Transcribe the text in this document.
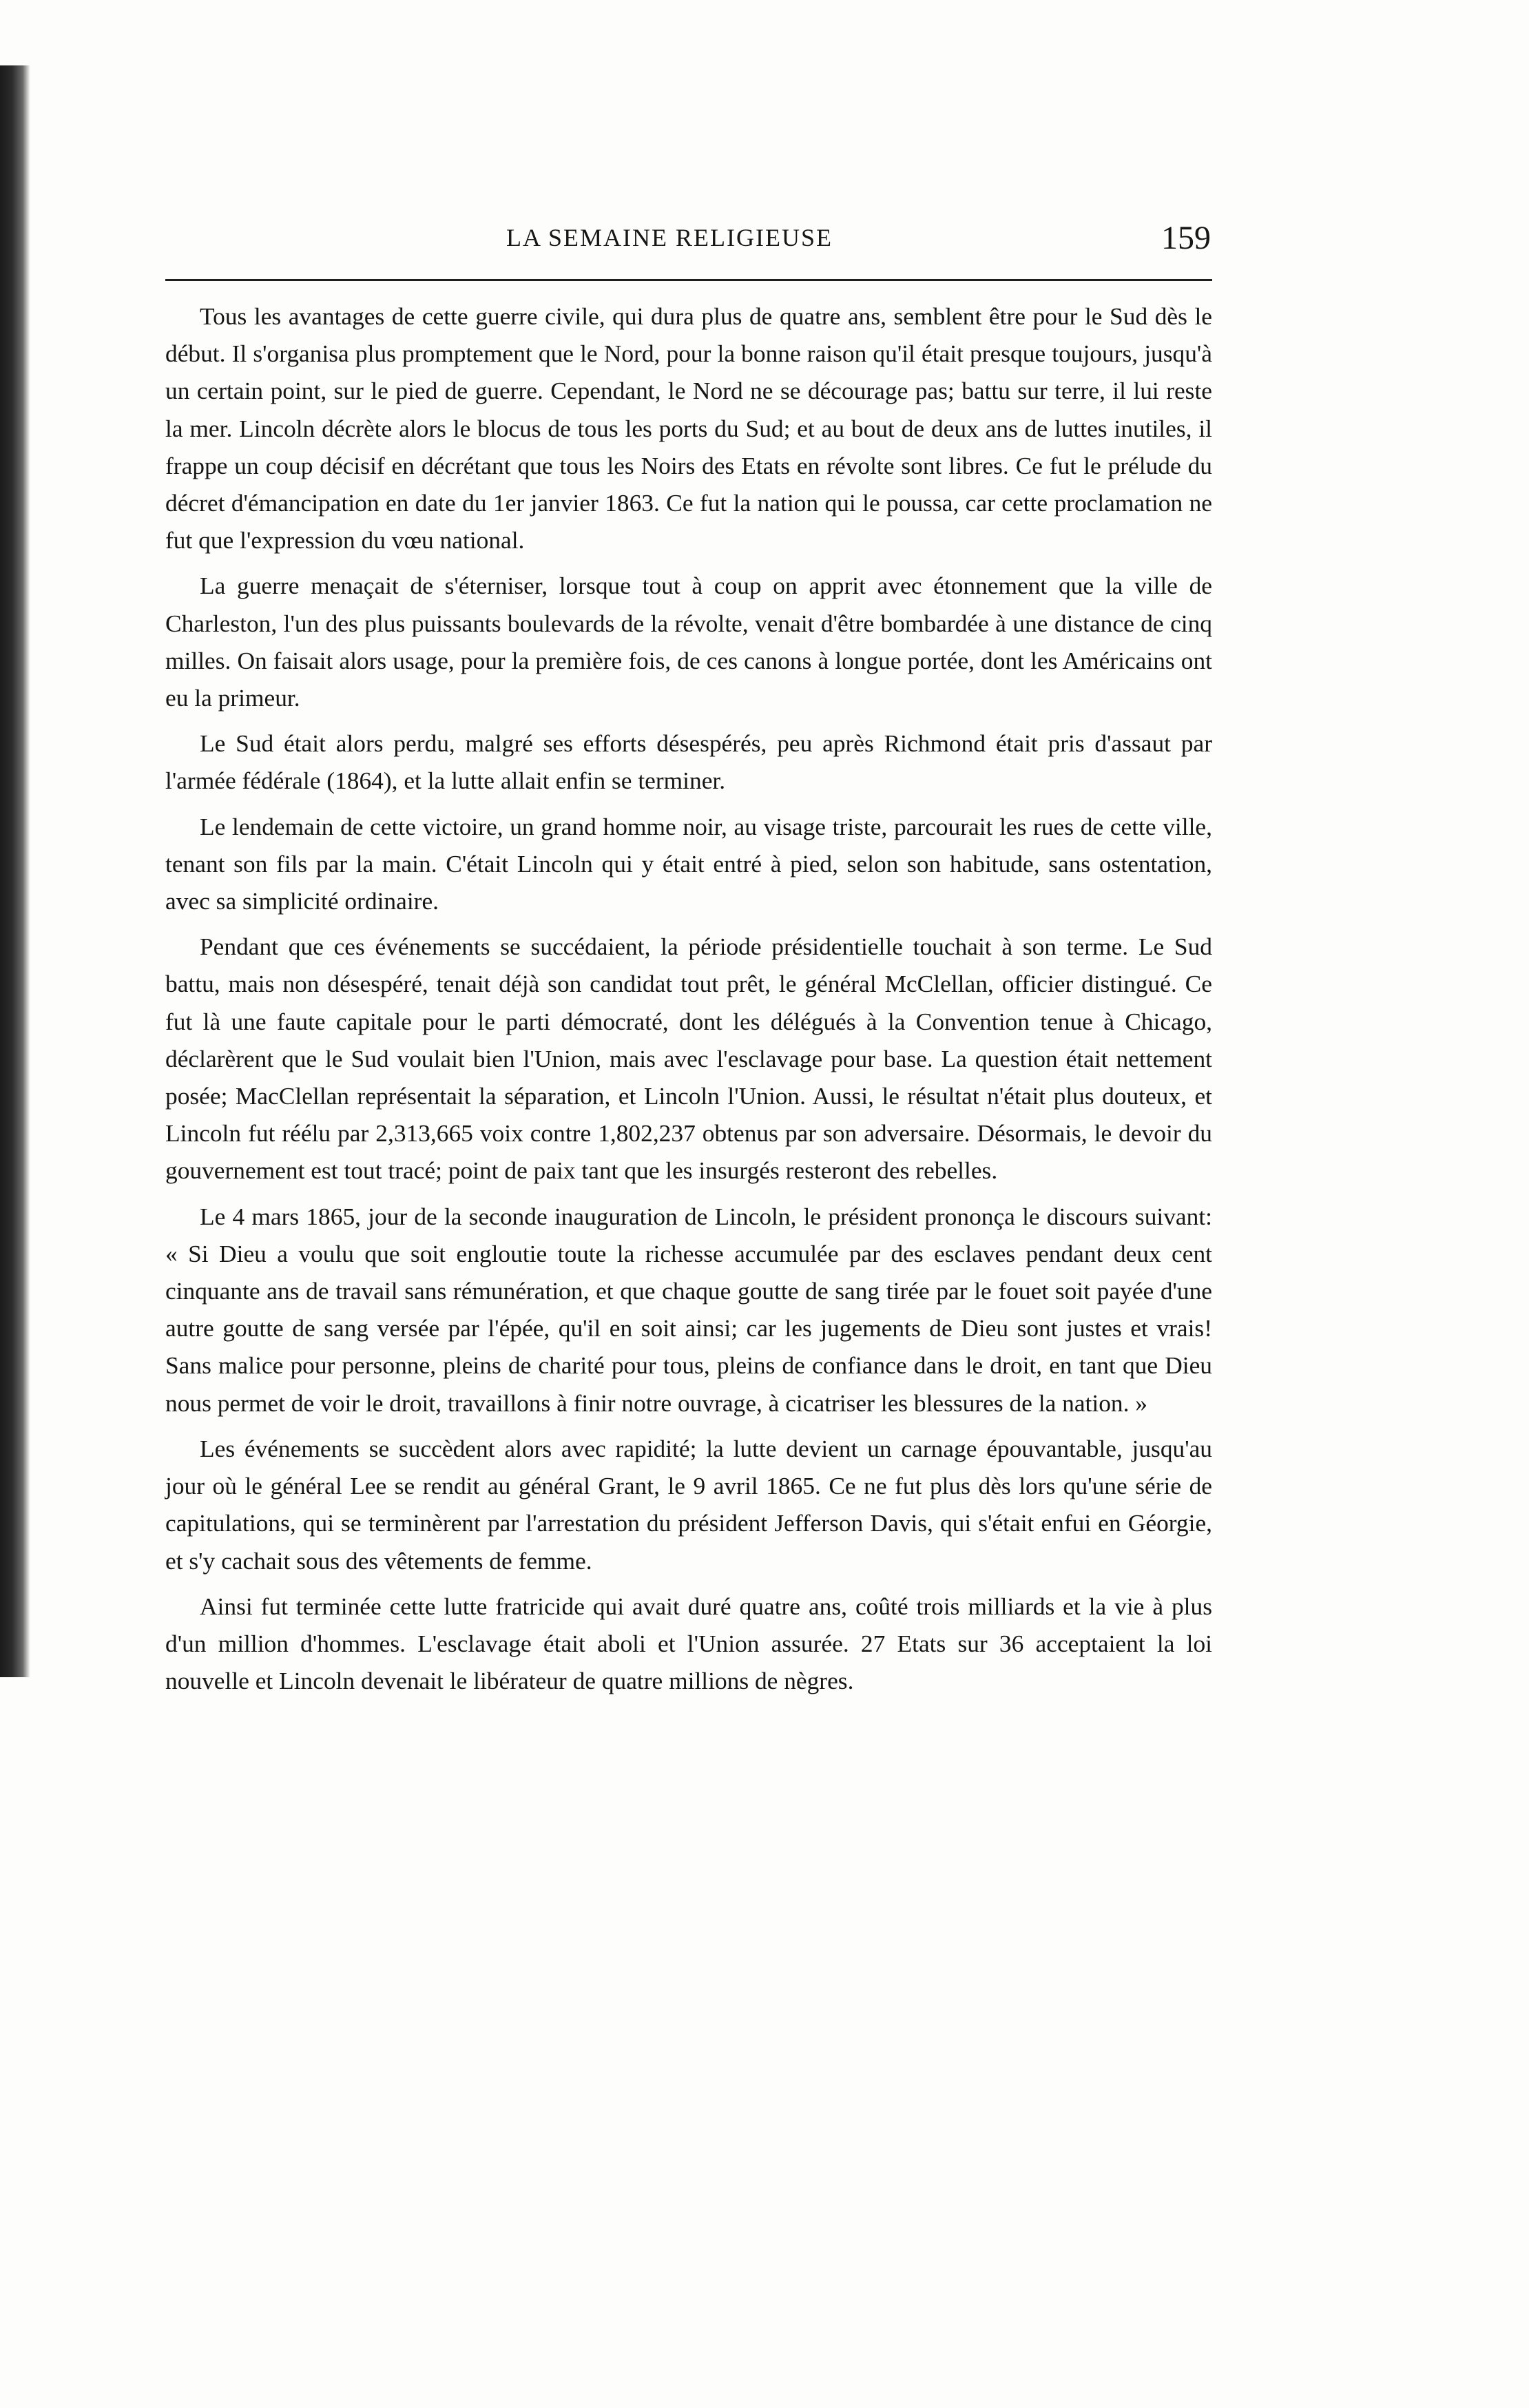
LA SEMAINE RELIGIEUSE	159

Tous les avantages de cette guerre civile, qui dura plus de quatre ans, semblent être pour le Sud dès le début. Il s'organisa plus promptement que le Nord, pour la bonne raison qu'il était presque toujours, jusqu'à un certain point, sur le pied de guerre. Cependant, le Nord ne se décourage pas; battu sur terre, il lui reste la mer. Lincoln décrète alors le blocus de tous les ports du Sud; et au bout de deux ans de luttes inutiles, il frappe un coup décisif en décrétant que tous les Noirs des Etats en révolte sont libres. Ce fut le prélude du décret d'émancipation en date du 1er janvier 1863. Ce fut la nation qui le poussa, car cette proclamation ne fut que l'expression du vœu national.

La guerre menaçait de s'éterniser, lorsque tout à coup on apprit avec étonnement que la ville de Charleston, l'un des plus puissants boulevards de la révolte, venait d'être bombardée à une distance de cinq milles. On faisait alors usage, pour la première fois, de ces canons à longue portée, dont les Américains ont eu la primeur.

Le Sud était alors perdu, malgré ses efforts désespérés, peu après Richmond était pris d'assaut par l'armée fédérale (1864), et la lutte allait enfin se terminer.

Le lendemain de cette victoire, un grand homme noir, au visage triste, parcourait les rues de cette ville, tenant son fils par la main. C'était Lincoln qui y était entré à pied, selon son habitude, sans ostentation, avec sa simplicité ordinaire.

Pendant que ces événements se succédaient, la période présidentielle touchait à son terme. Le Sud battu, mais non désespéré, tenait déjà son candidat tout prêt, le général McClellan, officier distingué. Ce fut là une faute capitale pour le parti démocraté, dont les délégués à la Convention tenue à Chicago, déclarèrent que le Sud voulait bien l'Union, mais avec l'esclavage pour base. La question était nettement posée; MacClellan représentait la séparation, et Lincoln l'Union. Aussi, le résultat n'était plus douteux, et Lincoln fut réélu par 2,313,665 voix contre 1,802,237 obtenus par son adversaire. Désormais, le devoir du gouvernement est tout tracé; point de paix tant que les insurgés resteront des rebelles.

Le 4 mars 1865, jour de la seconde inauguration de Lincoln, le président prononça le discours suivant: « Si Dieu a voulu que soit engloutie toute la richesse accumulée par des esclaves pendant deux cent cinquante ans de travail sans rémunération, et que chaque goutte de sang tirée par le fouet soit payée d'une autre goutte de sang versée par l'épée, qu'il en soit ainsi; car les jugements de Dieu sont justes et vrais! Sans malice pour personne, pleins de charité pour tous, pleins de confiance dans le droit, en tant que Dieu nous permet de voir le droit, travaillons à finir notre ouvrage, à cicatriser les blessures de la nation. »

Les événements se succèdent alors avec rapidité; la lutte devient un carnage épouvantable, jusqu'au jour où le général Lee se rendit au général Grant, le 9 avril 1865. Ce ne fut plus dès lors qu'une série de capitulations, qui se terminèrent par l'arrestation du président Jefferson Davis, qui s'était enfui en Géorgie, et s'y cachait sous des vêtements de femme.

Ainsi fut terminée cette lutte fratricide qui avait duré quatre ans, coûté trois milliards et la vie à plus d'un million d'hommes. L'esclavage était aboli et l'Union assurée. 27 Etats sur 36 acceptaient la loi nouvelle et Lincoln devenait le libérateur de quatre millions de nègres.
